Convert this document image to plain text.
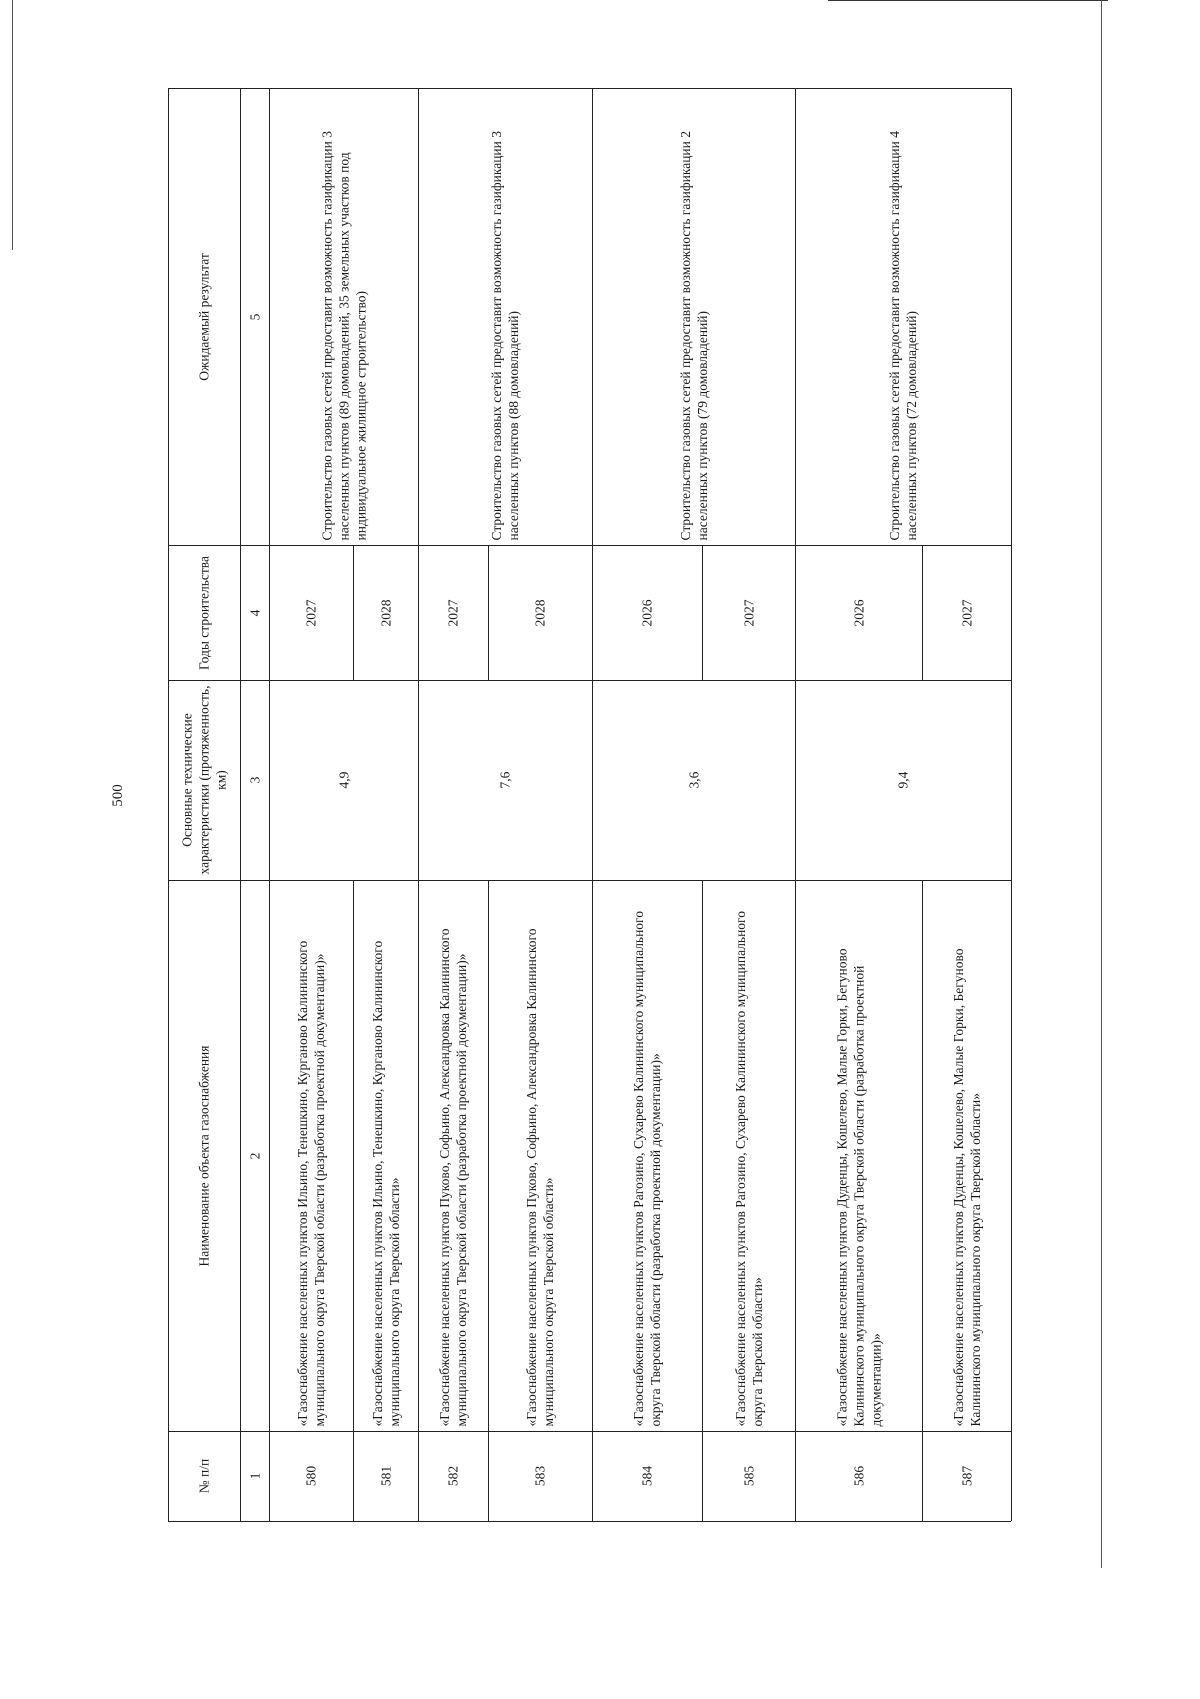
500
№ п/п
Наименование объекта газоснабжения
Основные технические характеристики (протяженность, км)
Годы строительства
Ожидаемый результат
1
2
3
4
5
580
«Газоснабжение населенных пунктов Ильино, Тенешкино, Курганово Калининского муниципального округа Тверской области (разработка проектной документации)»
2027
581
«Газоснабжение населенных пунктов Ильино, Тенешкино, Курганово Калининского муниципального округа Тверской области»
2028
582
«Газоснабжение населенных пунктов Пуково, Софьино, Александровка Калининского муниципального округа Тверской области (разработка проектной документации)»
2027
583
«Газоснабжение населенных пунктов Пуково, Софьино, Александровка Калининского муниципального округа Тверской области»
2028
584
«Газоснабжение населенных пунктов Рагозино, Сухарево Калининского муниципального округа Тверской области (разработка проектной документации)»
2026
585
«Газоснабжение населенных пунктов Рагозино, Сухарево Калининского муниципального округа Тверской области»
2027
586
«Газоснабжение населенных пунктов Дуденцы, Кошелево, Малые Горки, Бегуново Калининского муниципального округа Тверской области (разработка проектной документации)»
2026
587
«Газоснабжение населенных пунктов Дуденцы, Кошелево, Малые Горки, Бегуново Калининского муниципального округа Тверской области»
2027
4,9
Строительство газовых сетей предоставит возможность газификации 3 населенных пунктов (89 домовладений, 35 земельных участков под индивидуальное жилищное строительство)
7,6
Строительство газовых сетей предоставит возможность газификации 3 населенных пунктов (88 домовладений)
3,6
Строительство газовых сетей предоставит возможность газификации 2 населенных пунктов (79 домовладений)
9,4
Строительство газовых сетей предоставит возможность газификации 4 населенных пунктов (72 домовладений)
